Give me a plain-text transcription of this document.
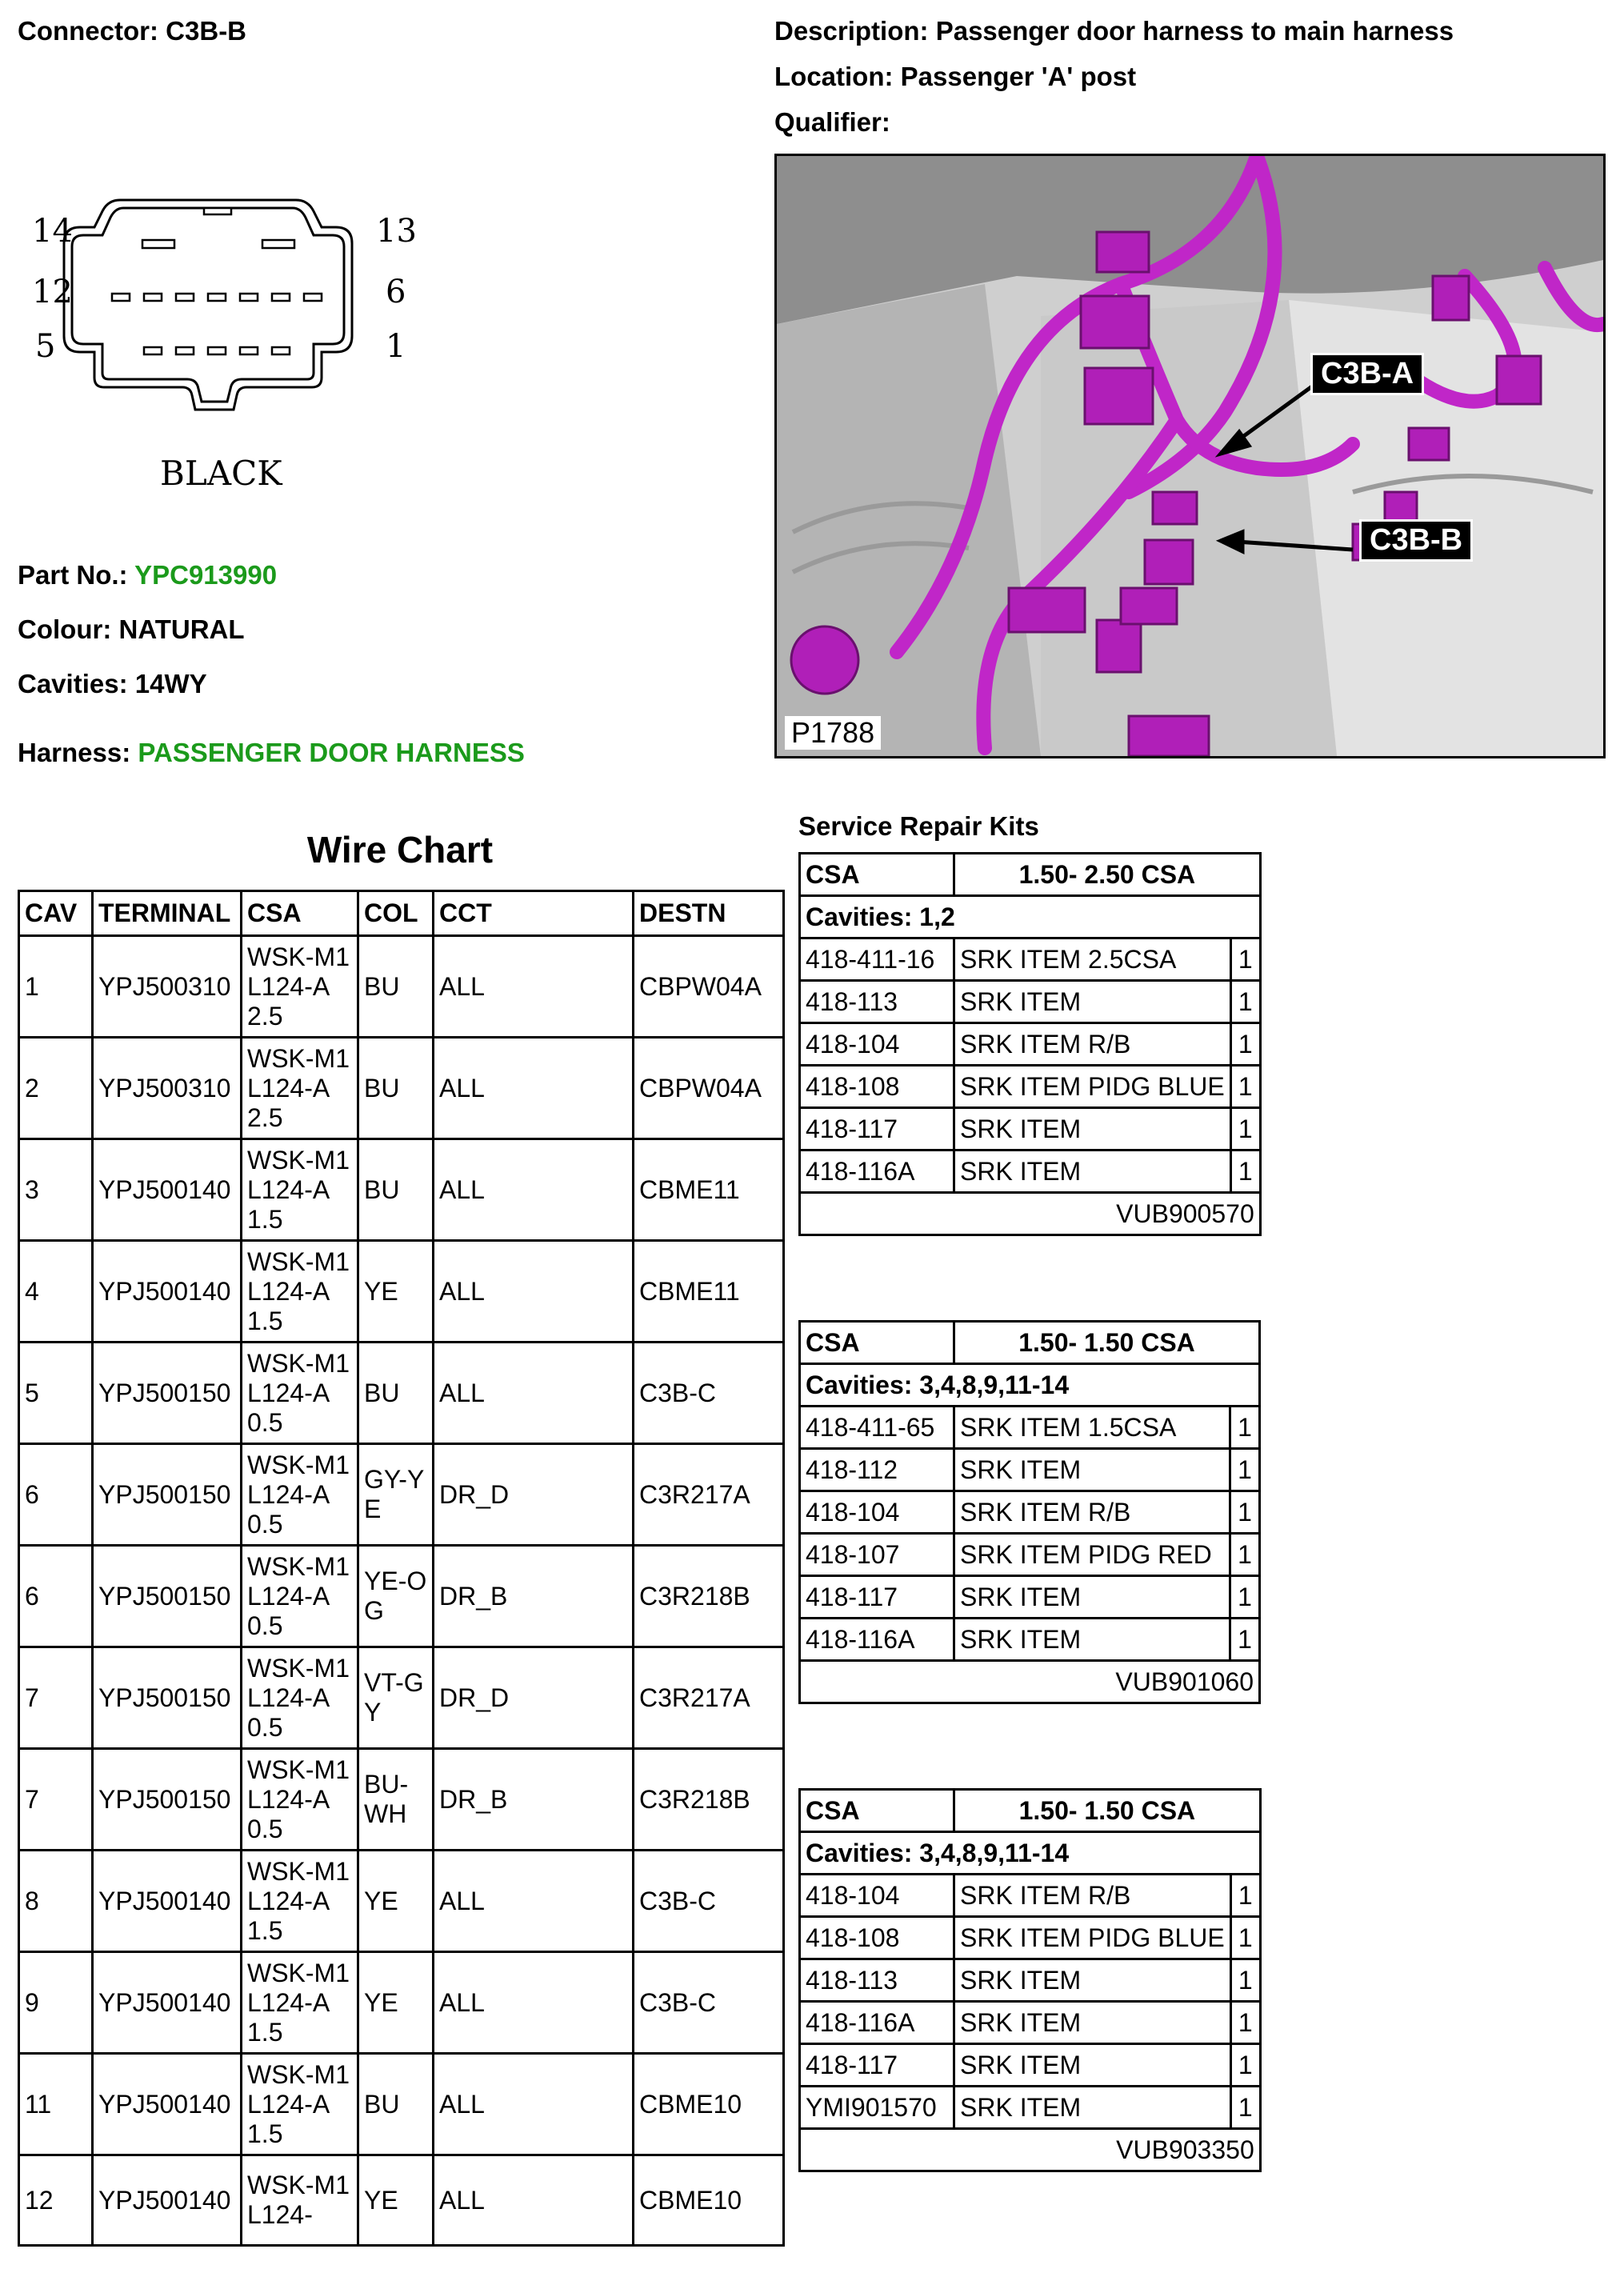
Connector: C3B-B	Description: Passenger door harness to main harness
Location: Passenger 'A' post
Qualifier:
14	13
12	6
5	1
BLACK
Part No.: YPC913990
Colour: NATURAL
Cavities: 14WY
Harness: PASSENGER DOOR HARNESS
C3B-A
C3B-B
P1788
Wire Chart
CAV	TERMINAL	CSA	COL	CCT	DESTN
1	YPJ500310	WSK-M1L124-A 2.5	BU	ALL	CBPW04A
2	YPJ500310	WSK-M1L124-A 2.5	BU	ALL	CBPW04A
3	YPJ500140	WSK-M1L124-A 1.5	BU	ALL	CBME11
4	YPJ500140	WSK-M1L124-A 1.5	YE	ALL	CBME11
5	YPJ500150	WSK-M1L124-A 0.5	BU	ALL	C3B-C
6	YPJ500150	WSK-M1L124-A 0.5	GY-YE	DR_D	C3R217A
6	YPJ500150	WSK-M1L124-A 0.5	YE-OG	DR_B	C3R218B
7	YPJ500150	WSK-M1L124-A 0.5	VT-GY	DR_D	C3R217A
7	YPJ500150	WSK-M1L124-A 0.5	BU-WH	DR_B	C3R218B
8	YPJ500140	WSK-M1L124-A 1.5	YE	ALL	C3B-C
9	YPJ500140	WSK-M1L124-A 1.5	YE	ALL	C3B-C
11	YPJ500140	WSK-M1L124-A 1.5	BU	ALL	CBME10
12	YPJ500140	WSK-M1L124-	YE	ALL	CBME10
Service Repair Kits
CSA	1.50- 2.50 CSA	
Cavities: 1,2		
418-411-16	SRK ITEM 2.5CSA	1
418-113	SRK ITEM	1
418-104	SRK ITEM R/B	1
418-108	SRK ITEM PIDG BLUE	1
418-117	SRK ITEM	1
418-116A	SRK ITEM	1
VUB900570		
CSA	1.50- 1.50 CSA	
Cavities: 3,4,8,9,11-14		
418-411-65	SRK ITEM 1.5CSA	1
418-112	SRK ITEM	1
418-104	SRK ITEM R/B	1
418-107	SRK ITEM PIDG RED	1
418-117	SRK ITEM	1
418-116A	SRK ITEM	1
VUB901060		
CSA	1.50- 1.50 CSA	
Cavities: 3,4,8,9,11-14		
418-104	SRK ITEM R/B	1
418-108	SRK ITEM PIDG BLUE	1
418-113	SRK ITEM	1
418-116A	SRK ITEM	1
418-117	SRK ITEM	1
YMI901570	SRK ITEM	1
VUB903350		
